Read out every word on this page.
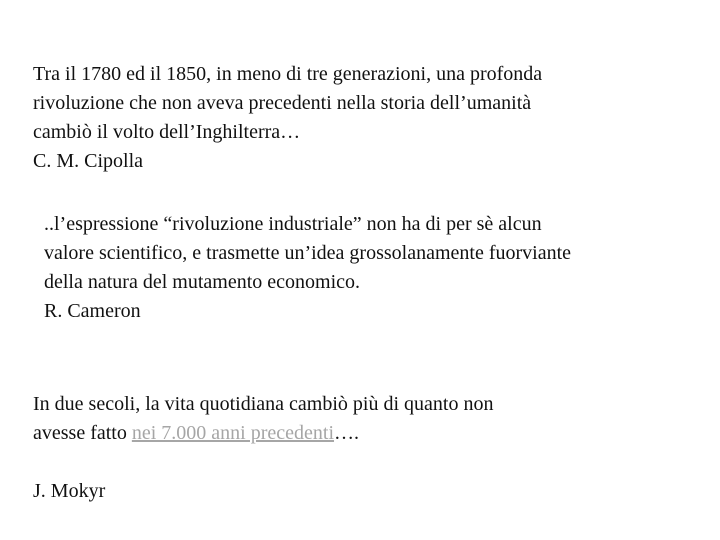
Tra il 1780 ed il 1850, in meno di tre generazioni, una profonda
rivoluzione che non aveva precedenti nella storia dell’umanità
cambiò il volto dell’Inghilterra…
C. M. Cipolla
..l’espressione “rivoluzione industriale” non ha di per sè alcun
valore scientifico, e trasmette un’idea grossolanamente fuorviante
della natura del mutamento economico.
R. Cameron
In due secoli, la vita quotidiana cambiò più di quanto non
avesse fatto nei 7.000 anni precedenti….
J. Mokyr
